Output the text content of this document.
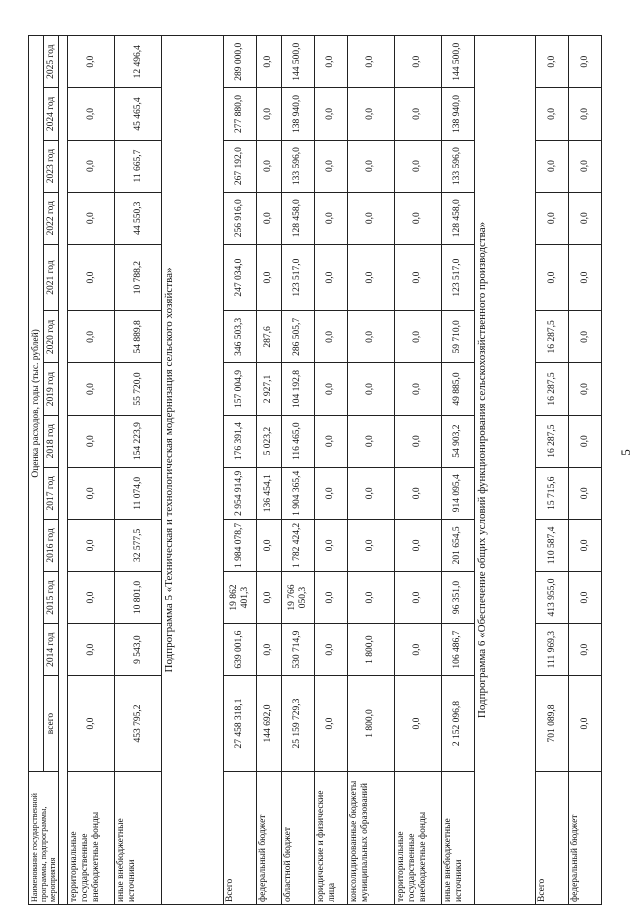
Наименование государственной программы, подпрограммы, мероприятия	Оценка расходов, годы (тыс. рублей)												
	всего	2014 год	2015 год	2016 год	2017 год	2018 год	2019 год	2020 год	2021 год	2022 год	2023 год	2024 год	2025 год

территориальные государственные внебюджетные фонды	0,0	0,0	0,0	0,0	0,0	0,0	0,0	0,0	0,0	0,0	0,0	0,0	0,0
иные внебюджетные источники	453 795,2	9 543,0	10 801,0	32 577,5	11 074,0	154 223,9	55 720,0	54 889,8	10 788,2	44 550,3	11 665,7	45 465,4	12 496,4
Подпрограмма 5 «Техническая и технологическая модернизация сельского хозяйства»													
Всего	27 458 318,1	639 001,6	19 862 401,3	1 984 078,7	2 954 914,9	176 391,4	157 004,9	346 503,3	247 034,0	256 916,0	267 192,0	277 880,0	289 000,0
федеральный бюджет	144 692,0	0,0	0,0	0,0	136 454,1	5 023,2	2 927,1	287,6	0,0	0,0	0,0	0,0	0,0
областной бюджет	25 159 729,3	530 714,9	19 766 050,3	1 782 424,2	1 904 365,4	116 465,0	104 192,8	286 505,7	123 517,0	128 458,0	133 596,0	138 940,0	144 500,0
юридические и физические лица	0,0	0,0	0,0	0,0	0,0	0,0	0,0	0,0	0,0	0,0	0,0	0,0	0,0
консолидированные бюджеты муниципальных образований	1 800,0	1 800,0	0,0	0,0	0,0	0,0	0,0	0,0	0,0	0,0	0,0	0,0	0,0
территориальные государственные внебюджетные фонды	0,0	0,0	0,0	0,0	0,0	0,0	0,0	0,0	0,0	0,0	0,0	0,0	0,0
иные внебюджетные источники	2 152 096,8	106 486,7	96 351,0	201 654,5	914 095,4	54 903,2	49 885,0	59 710,0	123 517,0	128 458,0	133 596,0	138 940,0	144 500,0
Подпрограмма 6 «Обеспечение общих условий функционирования сельскохозяйственного производства»													
Всего	701 089,8	111 969,3	413 955,0	110 587,4	15 715,6	16 287,5	16 287,5	16 287,5	0,0	0,0	0,0	0,0	0,0
федеральный бюджет	0,0	0,0	0,0	0,0	0,0	0,0	0,0	0,0	0,0	0,0	0,0	0,0	0,0
5
